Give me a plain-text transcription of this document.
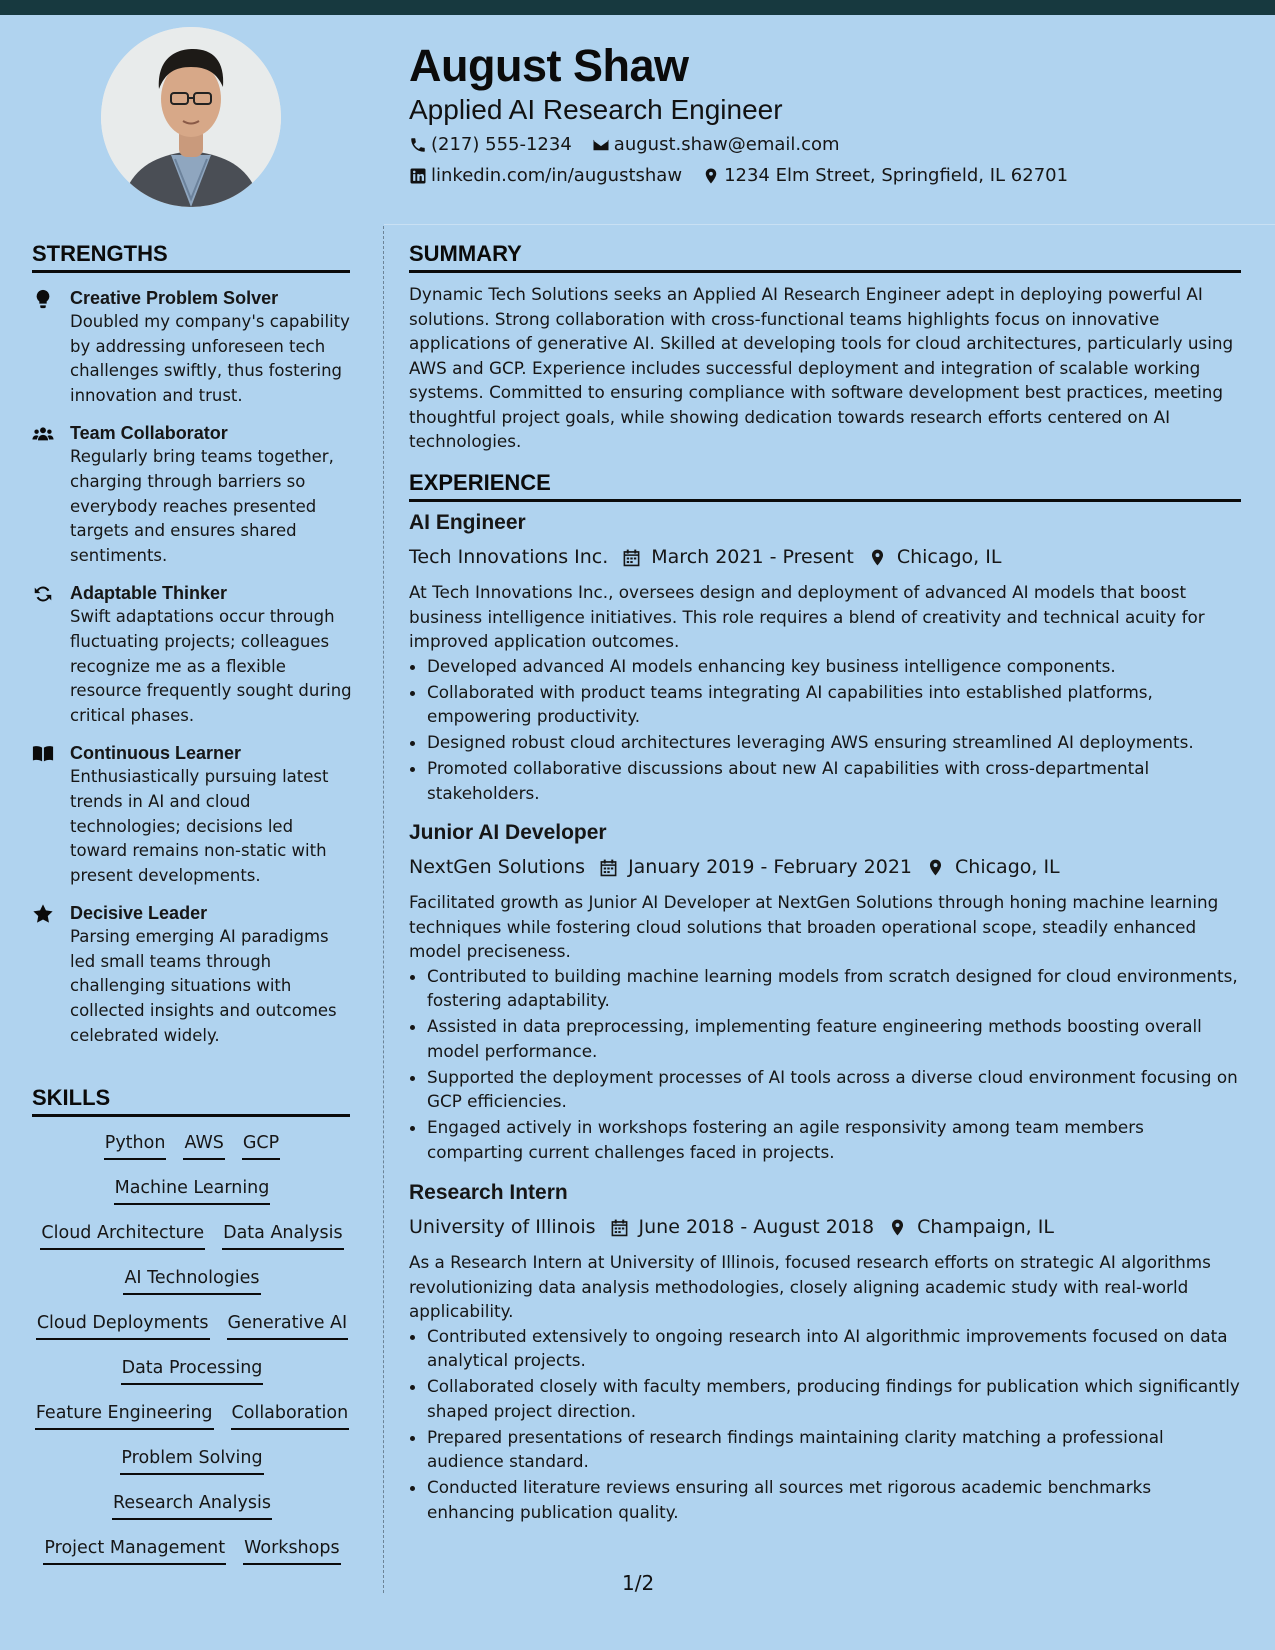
August Shaw
Applied AI Research Engineer
(217) 555-1234 august.shaw@email.com
linkedin.com/in/augustshaw 1234 Elm Street, Springfield, IL 62701
STRENGTHS
Creative Problem Solver
Doubled my company's capability by addressing unforeseen tech challenges swiftly, thus fostering innovation and trust.
Team Collaborator
Regularly bring teams together, charging through barriers so everybody reaches presented targets and ensures shared sentiments.
Adaptable Thinker
Swift adaptations occur through fluctuating projects; colleagues recognize me as a flexible resource frequently sought during critical phases.
Continuous Learner
Enthusiastically pursuing latest trends in AI and cloud technologies; decisions led toward remains non-static with present developments.
Decisive Leader
Parsing emerging AI paradigms led small teams through challenging situations with collected insights and outcomes celebrated widely.
SKILLS
Python AWS GCP
Machine Learning
Cloud Architecture Data Analysis
AI Technologies
Cloud Deployments Generative AI
Data Processing
Feature Engineering Collaboration
Problem Solving
Research Analysis
Project Management Workshops
SUMMARY
Dynamic Tech Solutions seeks an Applied AI Research Engineer adept in deploying powerful AI solutions. Strong collaboration with cross-functional teams highlights focus on innovative applications of generative AI. Skilled at developing tools for cloud architectures, particularly using AWS and GCP. Experience includes successful deployment and integration of scalable working systems. Committed to ensuring compliance with software development best practices, meeting thoughtful project goals, while showing dedication towards research efforts centered on AI technologies.
EXPERIENCE
AI Engineer
Tech Innovations Inc. March 2021 - Present Chicago, IL
At Tech Innovations Inc., oversees design and deployment of advanced AI models that boost business intelligence initiatives. This role requires a blend of creativity and technical acuity for improved application outcomes.
• Developed advanced AI models enhancing key business intelligence components.
• Collaborated with product teams integrating AI capabilities into established platforms, empowering productivity.
• Designed robust cloud architectures leveraging AWS ensuring streamlined AI deployments.
• Promoted collaborative discussions about new AI capabilities with cross-departmental stakeholders.
Junior AI Developer
NextGen Solutions January 2019 - February 2021 Chicago, IL
Facilitated growth as Junior AI Developer at NextGen Solutions through honing machine learning techniques while fostering cloud solutions that broaden operational scope, steadily enhanced model preciseness.
• Contributed to building machine learning models from scratch designed for cloud environments, fostering adaptability.
• Assisted in data preprocessing, implementing feature engineering methods boosting overall model performance.
• Supported the deployment processes of AI tools across a diverse cloud environment focusing on GCP efficiencies.
• Engaged actively in workshops fostering an agile responsivity among team members comparting current challenges faced in projects.
Research Intern
University of Illinois June 2018 - August 2018 Champaign, IL
As a Research Intern at University of Illinois, focused research efforts on strategic AI algorithms revolutionizing data analysis methodologies, closely aligning academic study with real-world applicability.
• Contributed extensively to ongoing research into AI algorithmic improvements focused on data analytical projects.
• Collaborated closely with faculty members, producing findings for publication which significantly shaped project direction.
• Prepared presentations of research findings maintaining clarity matching a professional audience standard.
• Conducted literature reviews ensuring all sources met rigorous academic benchmarks enhancing publication quality.
1/2
